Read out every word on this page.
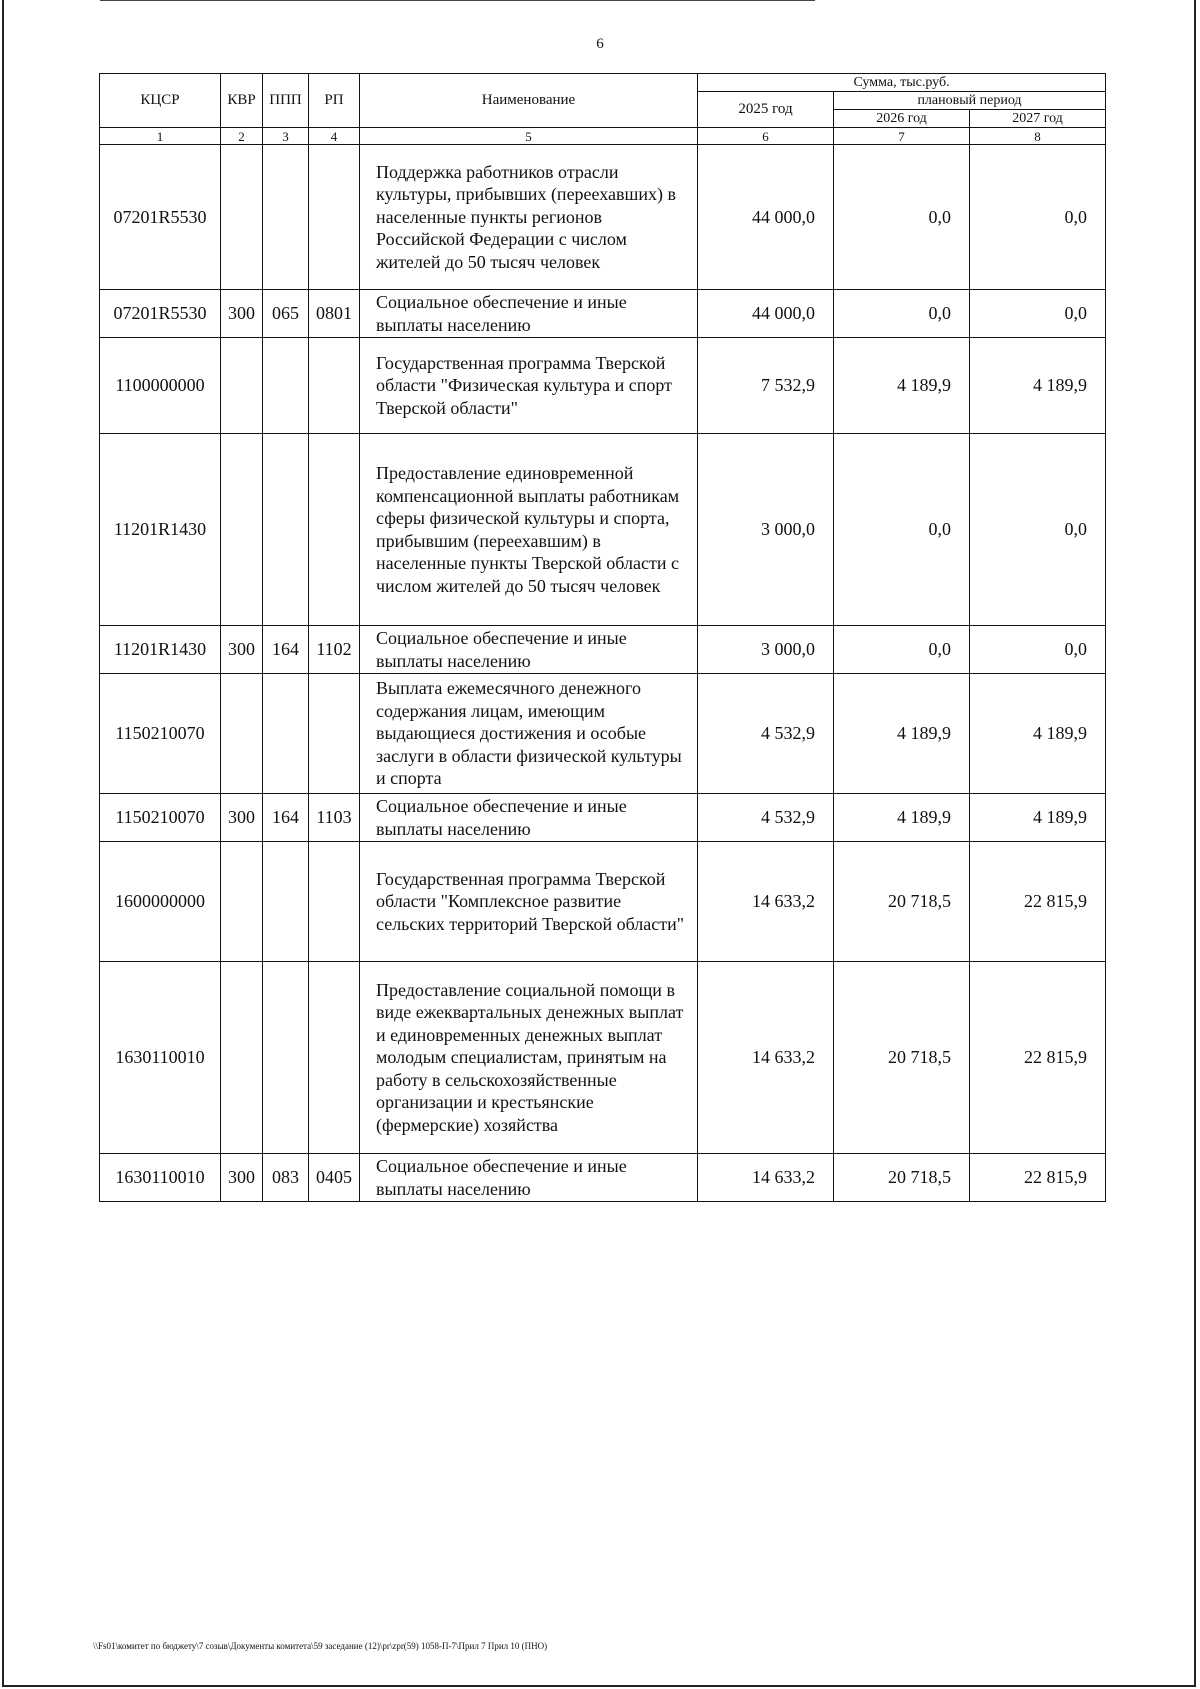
6
КЦСР	КВР	ППП	РП	Наименование	Сумма, тыс.руб.		
					2025 год	плановый период	
						2026 год	2027 год
1	2	3	4	5	6	7	8
07201R5530				Поддержка работников отрасли культуры, прибывших (переехавших) в населенные пункты регионов Российской Федерации с числом жителей до 50 тысяч человек	44 000,0	0,0	0,0
07201R5530	300	065	0801	Социальное обеспечение и иные выплаты населению	44 000,0	0,0	0,0
1100000000				Государственная программа Тверской области "Физическая культура и спорт Тверской области"	7 532,9	4 189,9	4 189,9
11201R1430				Предоставление единовременной компенсационной выплаты работникам сферы физической культуры и спорта, прибывшим (переехавшим) в населенные пункты Тверской области с числом жителей до 50 тысяч человек	3 000,0	0,0	0,0
11201R1430	300	164	1102	Социальное обеспечение и иные выплаты населению	3 000,0	0,0	0,0
1150210070				Выплата ежемесячного денежного содержания лицам, имеющим выдающиеся достижения и особые заслуги в области физической культуры и спорта	4 532,9	4 189,9	4 189,9
1150210070	300	164	1103	Социальное обеспечение и иные выплаты населению	4 532,9	4 189,9	4 189,9
1600000000				Государственная программа Тверской области "Комплексное развитие сельских территорий Тверской области"	14 633,2	20 718,5	22 815,9
1630110010				Предоставление социальной помощи в виде ежеквартальных денежных выплат и единовременных денежных выплат молодым специалистам, принятым на работу в сельскохозяйственные организации и крестьянские (фермерские) хозяйства	14 633,2	20 718,5	22 815,9
1630110010	300	083	0405	Социальное обеспечение и иные выплаты населению	14 633,2	20 718,5	22 815,9
\\Fs01\комитет по бюджету\7 созыв\Документы комитета\59 заседание (12)\pr\zpr(59) 1058-П-7\Прил 7 Прил 10 (ПНО)
